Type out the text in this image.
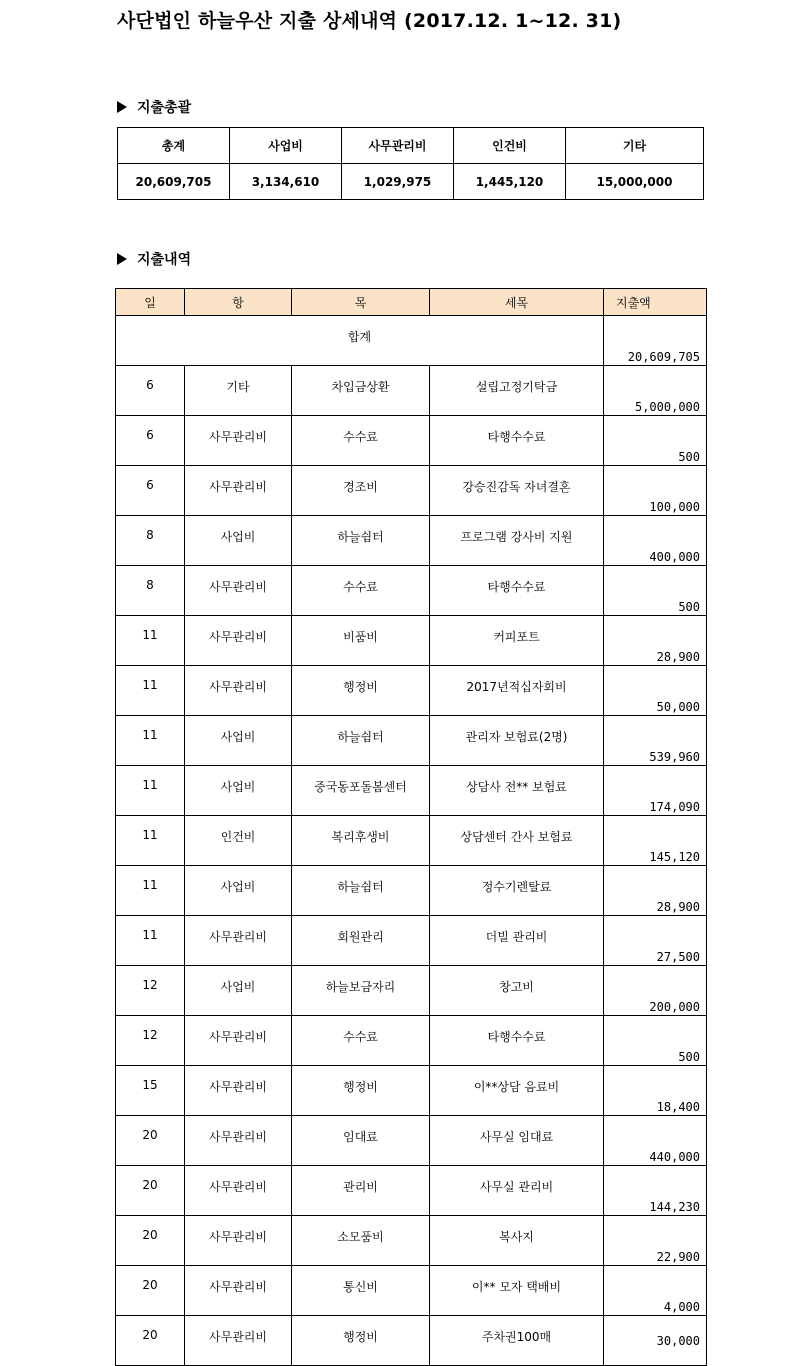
사단법인 하늘우산 지출 상세내역 (2017.12. 1~12. 31)
지출총괄
총계	사업비	사무관리비	인건비	기타
20,609,705	3,134,610	1,029,975	1,445,120	15,000,000
지출내역
일	항	목	세목	지출액
합계				20,609,705
6	기타	차입금상환	설립고정기탁금	5,000,000
6	사무관리비	수수료	타행수수료	500
6	사무관리비	경조비	강승진감독 자녀결혼	100,000
8	사업비	하늘쉼터	프로그램 강사비 지원	400,000
8	사무관리비	수수료	타행수수료	500
11	사무관리비	비품비	커피포트	28,900
11	사무관리비	행정비	2017년적십자회비	50,000
11	사업비	하늘쉼터	관리자 보험료(2명)	539,960
11	사업비	중국동포돌봄센터	상담사 전** 보험료	174,090
11	인건비	복리후생비	상담센터 간사 보험료	145,120
11	사업비	하늘쉼터	정수기렌탈료	28,900
11	사무관리비	회원관리	더빌 관리비	27,500
12	사업비	하늘보금자리	창고비	200,000
12	사무관리비	수수료	타행수수료	500
15	사무관리비	행정비	이**상담 음료비	18,400
20	사무관리비	임대료	사무실 임대료	440,000
20	사무관리비	관리비	사무실 관리비	144,230
20	사무관리비	소모품비	복사지	22,900
20	사무관리비	통신비	이** 모자 택배비	4,000
20	사무관리비	행정비	주차권100매	30,000
